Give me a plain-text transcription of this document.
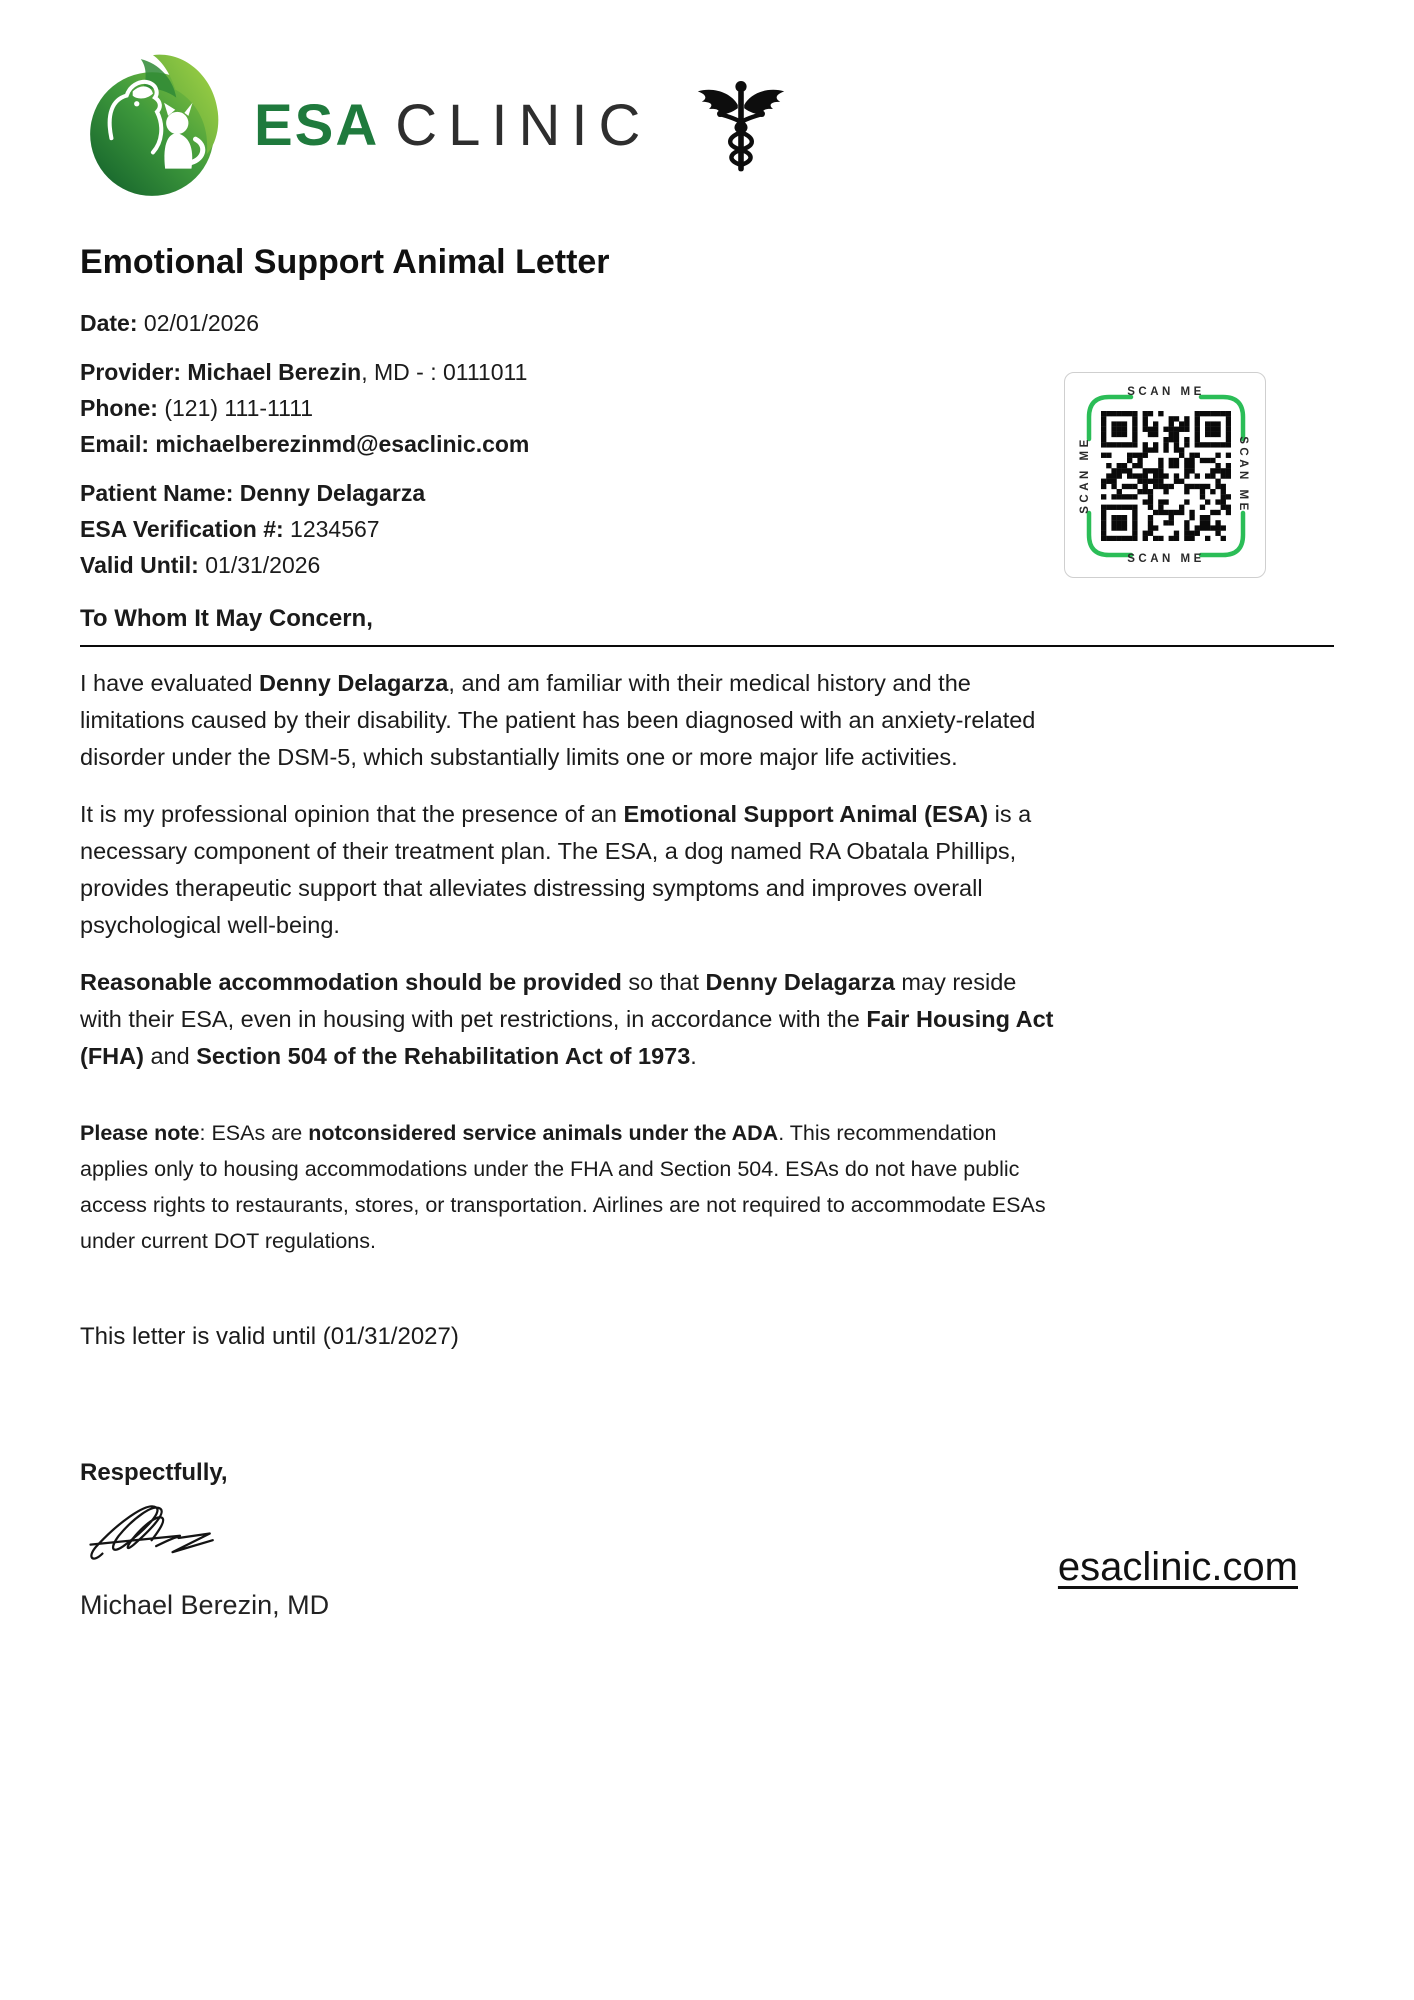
ESA CLINIC
Emotional Support Animal Letter
Date: 02/01/2026
Provider: Michael Berezin, MD - : 0111011
Phone: (121) 111-1111
Email: michaelberezinmd@esaclinic.com
Patient Name: Denny Delagarza
ESA Verification #: 1234567
Valid Until: 01/31/2026
To Whom It May Concern,

I have evaluated Denny Delagarza, and am familiar with their medical history and the limitations caused by their disability. The patient has been diagnosed with an anxiety-related disorder under the DSM-5, which substantially limits one or more major life activities.

It is my professional opinion that the presence of an Emotional Support Animal (ESA) is a necessary component of their treatment plan. The ESA, a dog named RA Obatala Phillips, provides therapeutic support that alleviates distressing symptoms and improves overall psychological well-being.

Reasonable accommodation should be provided so that Denny Delagarza may reside with their ESA, even in housing with pet restrictions, in accordance with the Fair Housing Act (FHA) and Section 504 of the Rehabilitation Act of 1973.

Please note: ESAs are notconsidered service animals under the ADA. This recommendation applies only to housing accommodations under the FHA and Section 504. ESAs do not have public access rights to restaurants, stores, or transportation. Airlines are not required to accommodate ESAs under current DOT regulations.

This letter is valid until (01/31/2027)
Respectfully,
Michael Berezin, MD
SCAN ME
SCAN ME
SCAN ME
SCAN ME
esaclinic.com
